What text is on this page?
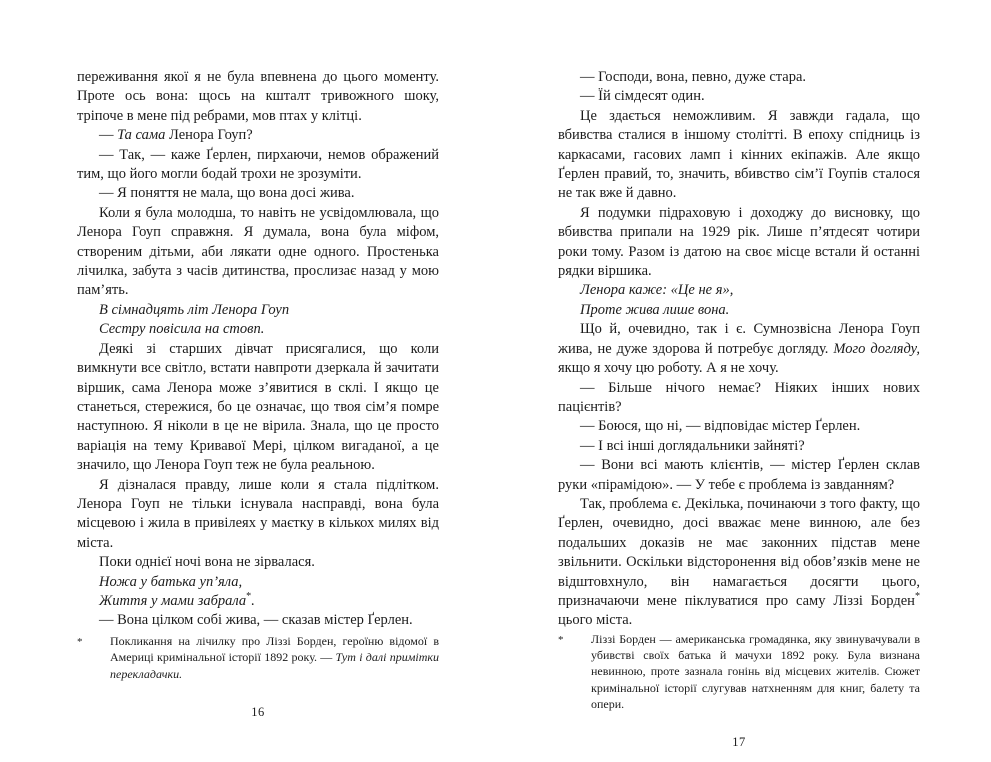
переживання якої я не була впевнена до цього моменту. Проте ось вона: щось на кшталт тривожного шоку, тріпоче в мене під ребрами, мов птах у клітці.

— Та сама Ленора Гоуп?

— Так, — каже Ґерлен, пирхаючи, немов ображений тим, що його могли бодай трохи не зрозуміти.

— Я поняття не мала, що вона досі жива.

Коли я була молодша, то навіть не усвідомлювала, що Ленора Гоуп справжня. Я думала, вона була міфом, створеним дітьми, аби лякати одне одного. Простенька лічилка, забута з часів дитинства, прослизає назад у мою пам’ять.

В сімнадцять літ Ленора Гоуп

Сестру повісила на стовп.

Деякі зі старших дівчат присягалися, що коли вимкнути все світло, встати навпроти дзеркала й зачитати віршик, сама Ленора може з’явитися в склі. І якщо це станеться, стережися, бо це означає, що твоя сім’я помре наступною. Я ніколи в це не вірила. Знала, що це просто варіація на тему Кривавої Мері, цілком вигаданої, а це значило, що Ленора Гоуп теж не була реальною.

Я дізналася правду, лише коли я стала підлітком. Ленора Гоуп не тільки існувала насправді, вона була місцевою і жила в привілеях у маєтку в кількох милях від міста.

Поки однієї ночі вона не зірвалася.

Ножа у батька уп’яла,

Життя у мами забрала*.

— Вона цілком собі жива, — сказав містер Ґерлен.

*	Покликання на лічилку про Ліззі Борден, героїню відомої в Америці кримінальної історії 1892 року. — Тут і далі примітки перекладачки.
16

— Господи, вона, певно, дуже стара.

— Їй сімдесят один.

Це здається неможливим. Я завжди гадала, що вбивства сталися в іншому столітті. В епоху спідниць із каркасами, гасових ламп і кінних екіпажів. Але якщо Ґерлен правий, то, значить, вбивство сім’ї Гоупів сталося не так вже й давно.

Я подумки підраховую і доходжу до висновку, що вбивства припали на 1929 рік. Лише п’ятдесят чотири роки тому. Разом із датою на своє місце встали й останні рядки віршика.

Ленора каже: «Це не я»,

Проте жива лише вона.

Що й, очевидно, так і є. Сумнозвісна Ленора Гоуп жива, не дуже здорова й потребує догляду. Мого догляду, якщо я хочу цю роботу. А я не хочу.

— Більше нічого немає? Ніяких інших нових пацієнтів?

— Боюся, що ні, — відповідає містер Ґерлен.

— І всі інші доглядальники зайняті?

— Вони всі мають клієнтів, — містер Ґерлен склав руки «пірамідою». — У тебе є проблема із завданням?

Так, проблема є. Декілька, починаючи з того факту, що Ґерлен, очевидно, досі вважає мене винною, але без подальших доказів не має законних підстав мене звільнити. Оскільки відсторонення від обов’язків мене не відштовхнуло, він намагається досягти цього, призначаючи мене піклуватися про саму Ліззі Борден* цього міста.

*	Ліззі Борден — американська громадянка, яку звинувачували в убивстві своїх батька й мачухи 1892 року. Була визнана невинною, проте зазнала гонінь від місцевих жителів. Сюжет кримінальної історії слугував натхненням для книг, балету та опери.
17
